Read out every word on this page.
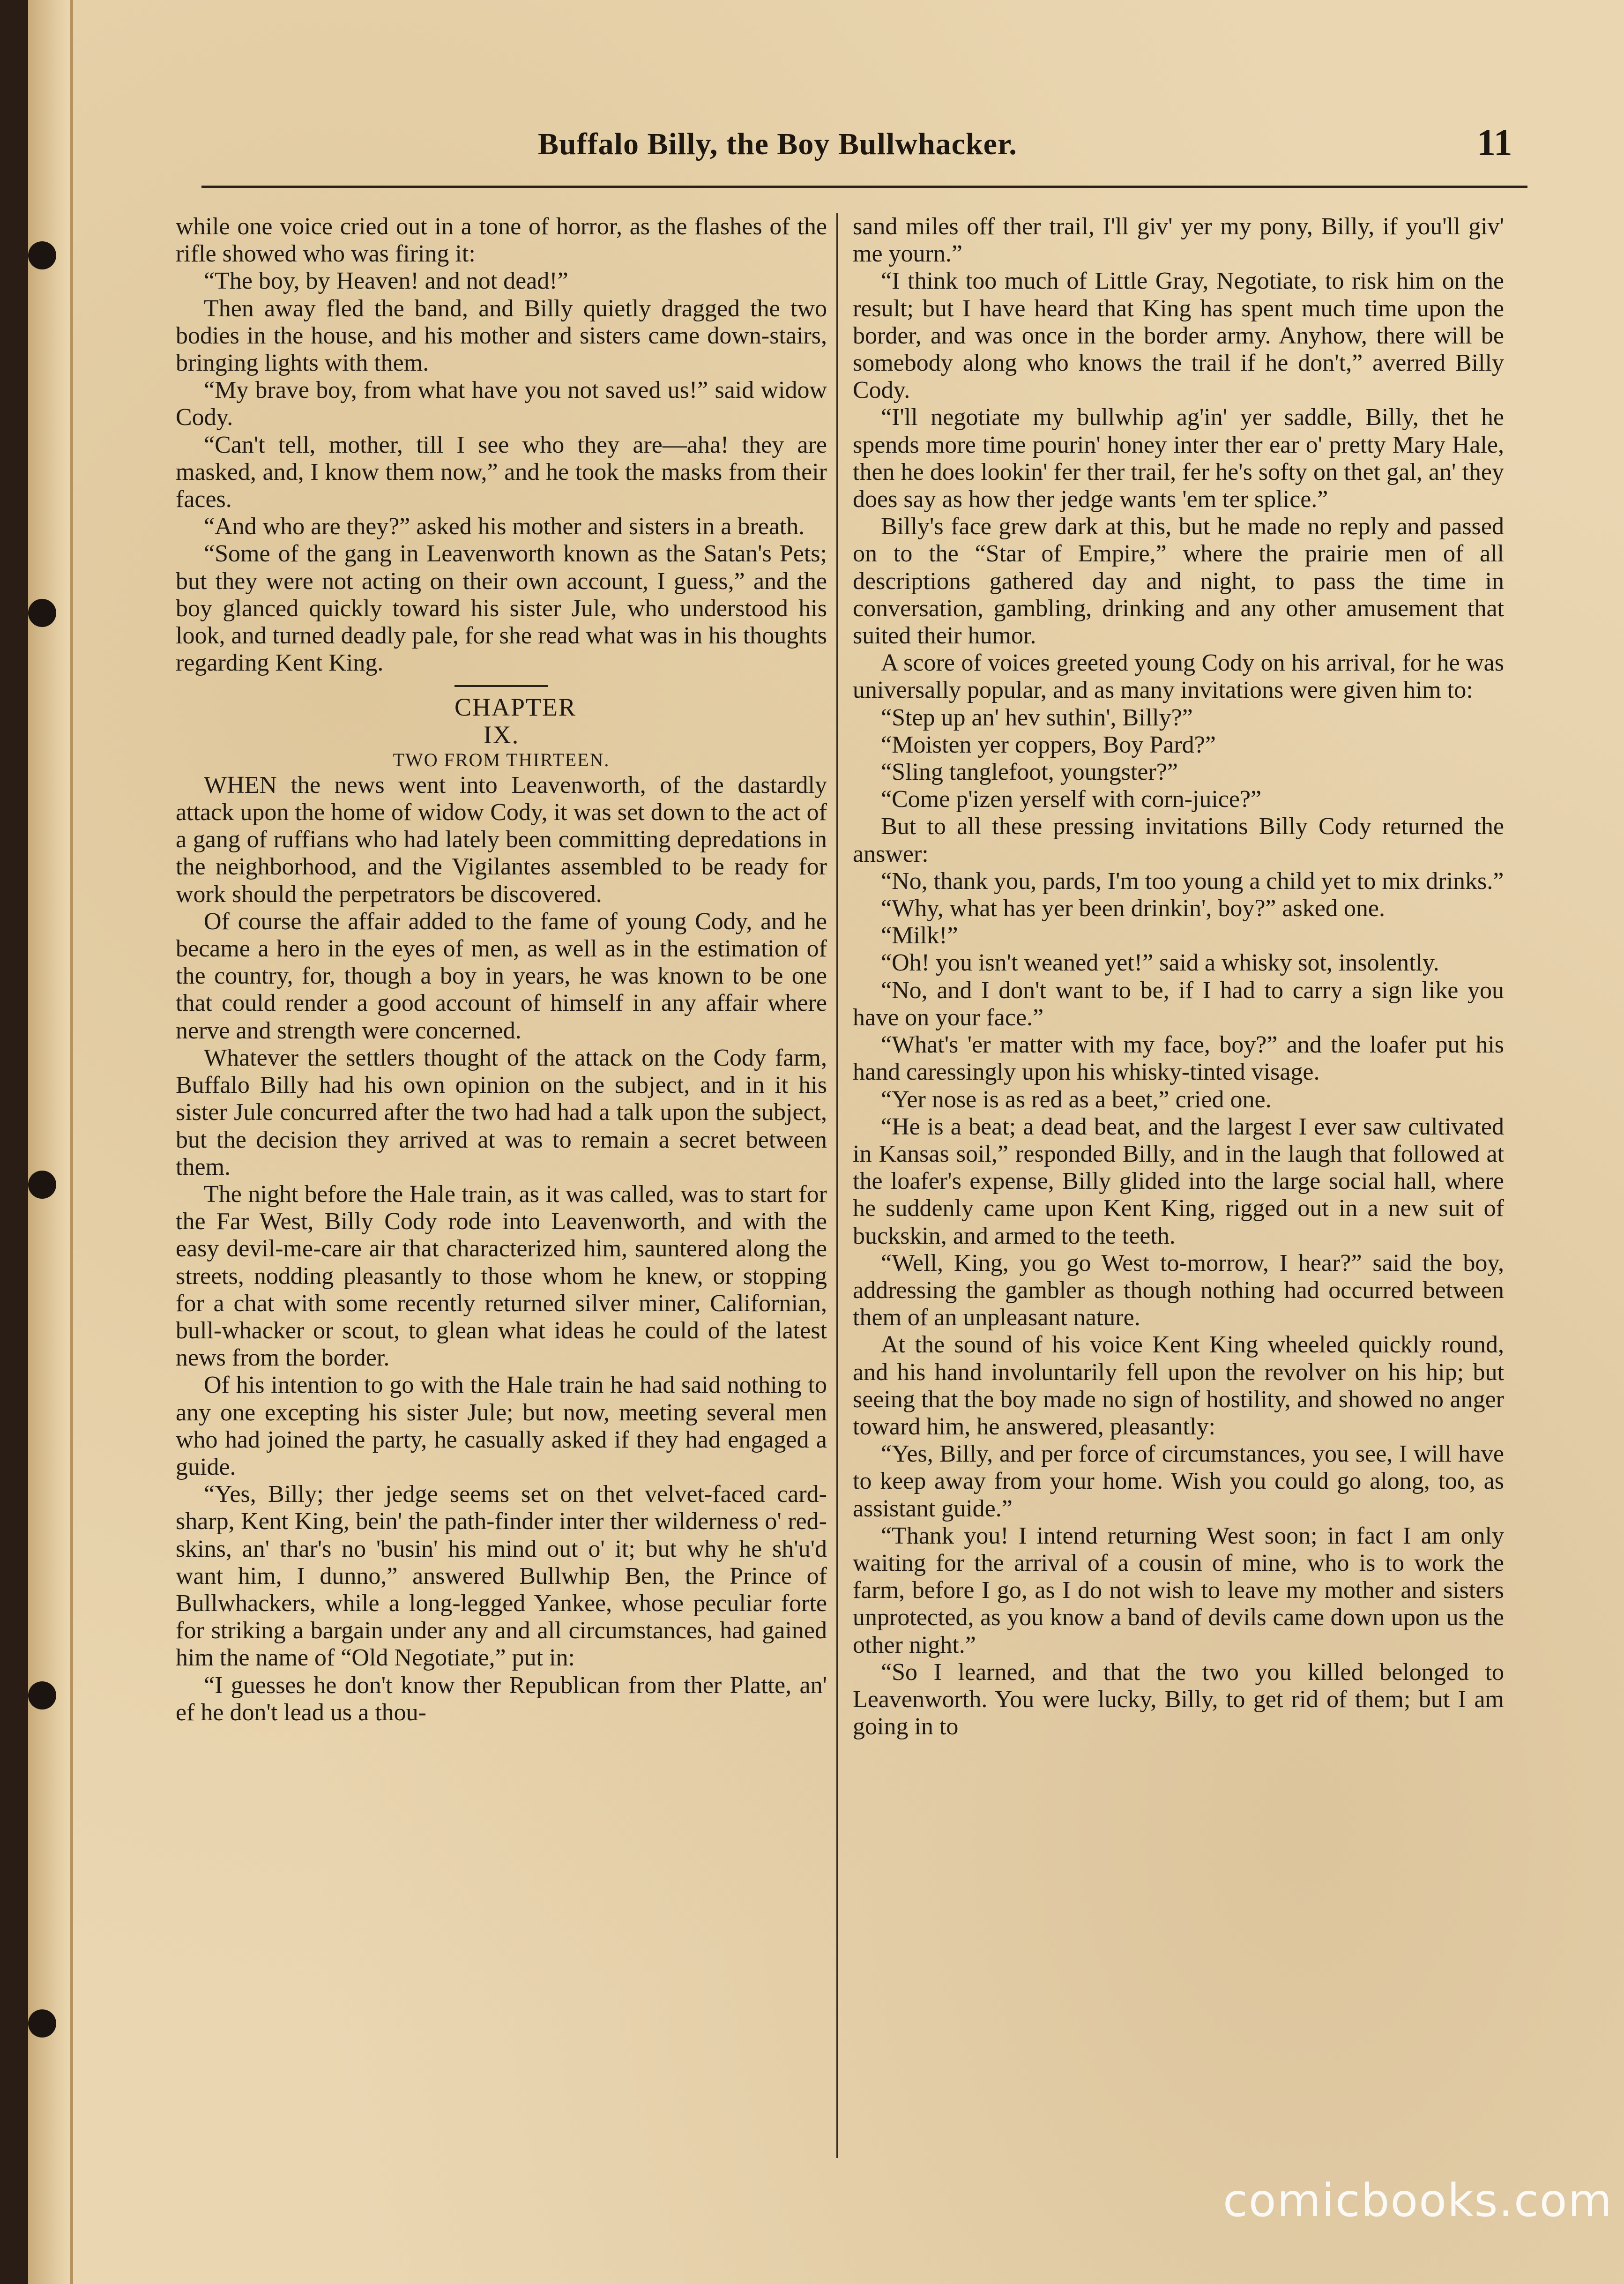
Buffalo Billy, the Boy Bullwhacker.	11

while one voice cried out in a tone of horror, as the flashes of the rifle showed who was firing it:

“The boy, by Heaven! and not dead!”

Then away fled the band, and Billy quietly dragged the two bodies in the house, and his mother and sisters came down-stairs, bringing lights with them.

“My brave boy, from what have you not saved us!” said widow Cody.

“Can't tell, mother, till I see who they are—aha! they are masked, and, I know them now,” and he took the masks from their faces.

“And who are they?” asked his mother and sisters in a breath.

“Some of the gang in Leavenworth known as the Satan's Pets; but they were not acting on their own account, I guess,” and the boy glanced quickly toward his sister Jule, who understood his look, and turned deadly pale, for she read what was in his thoughts regarding Kent King.

CHAPTER IX.
TWO FROM THIRTEEN.

WHEN the news went into Leavenworth, of the dastardly attack upon the home of widow Cody, it was set down to the act of a gang of ruffians who had lately been committing depredations in the neighborhood, and the Vigilantes assembled to be ready for work should the perpetrators be discovered.

Of course the affair added to the fame of young Cody, and he became a hero in the eyes of men, as well as in the estimation of the country, for, though a boy in years, he was known to be one that could render a good account of himself in any affair where nerve and strength were concerned.

Whatever the settlers thought of the attack on the Cody farm, Buffalo Billy had his own opinion on the subject, and in it his sister Jule concurred after the two had had a talk upon the subject, but the decision they arrived at was to remain a secret between them.

The night before the Hale train, as it was called, was to start for the Far West, Billy Cody rode into Leavenworth, and with the easy devil-me-care air that characterized him, sauntered along the streets, nodding pleasantly to those whom he knew, or stopping for a chat with some recently returned silver miner, Californian, bull-whacker or scout, to glean what ideas he could of the latest news from the border.

Of his intention to go with the Hale train he had said nothing to any one excepting his sister Jule; but now, meeting several men who had joined the party, he casually asked if they had engaged a guide.

“Yes, Billy; ther jedge seems set on thet velvet-faced card-sharp, Kent King, bein' the path-finder inter ther wilderness o' red-skins, an' thar's no 'busin' his mind out o' it; but why he sh'u'd want him, I dunno,” answered Bullwhip Ben, the Prince of Bullwhackers, while a long-legged Yankee, whose peculiar forte for striking a bargain under any and all circumstances, had gained him the name of “Old Negotiate,” put in:

“I guesses he don't know ther Republican from ther Platte, an' ef he don't lead us a thou-

sand miles off ther trail, I'll giv' yer my pony, Billy, if you'll giv' me yourn.”

“I think too much of Little Gray, Negotiate, to risk him on the result; but I have heard that King has spent much time upon the border, and was once in the border army. Anyhow, there will be somebody along who knows the trail if he don't,” averred Billy Cody.

“I'll negotiate my bullwhip ag'in' yer saddle, Billy, thet he spends more time pourin' honey inter ther ear o' pretty Mary Hale, then he does lookin' fer ther trail, fer he's softy on thet gal, an' they does say as how ther jedge wants 'em ter splice.”

Billy's face grew dark at this, but he made no reply and passed on to the “Star of Empire,” where the prairie men of all descriptions gathered day and night, to pass the time in conversation, gambling, drinking and any other amusement that suited their humor.

A score of voices greeted young Cody on his arrival, for he was universally popular, and as many invitations were given him to:

“Step up an' hev suthin', Billy?”

“Moisten yer coppers, Boy Pard?”

“Sling tanglefoot, youngster?”

“Come p'izen yerself with corn-juice?”

But to all these pressing invitations Billy Cody returned the answer:

“No, thank you, pards, I'm too young a child yet to mix drinks.”

“Why, what has yer been drinkin', boy?” asked one.

“Milk!”

“Oh! you isn't weaned yet!” said a whisky sot, insolently.

“No, and I don't want to be, if I had to carry a sign like you have on your face.”

“What's 'er matter with my face, boy?” and the loafer put his hand caressingly upon his whisky-tinted visage.

“Yer nose is as red as a beet,” cried one.

“He is a beat; a dead beat, and the largest I ever saw cultivated in Kansas soil,” responded Billy, and in the laugh that followed at the loafer's expense, Billy glided into the large social hall, where he suddenly came upon Kent King, rigged out in a new suit of buckskin, and armed to the teeth.

“Well, King, you go West to-morrow, I hear?” said the boy, addressing the gambler as though nothing had occurred between them of an unpleasant nature.

At the sound of his voice Kent King wheeled quickly round, and his hand involuntarily fell upon the revolver on his hip; but seeing that the boy made no sign of hostility, and showed no anger toward him, he answered, pleasantly:

“Yes, Billy, and per force of circumstances, you see, I will have to keep away from your home. Wish you could go along, too, as assistant guide.”

“Thank you! I intend returning West soon; in fact I am only waiting for the arrival of a cousin of mine, who is to work the farm, before I go, as I do not wish to leave my mother and sisters unprotected, as you know a band of devils came down upon us the other night.”

“So I learned, and that the two you killed belonged to Leavenworth. You were lucky, Billy, to get rid of them; but I am going in to

comicbooks.com
